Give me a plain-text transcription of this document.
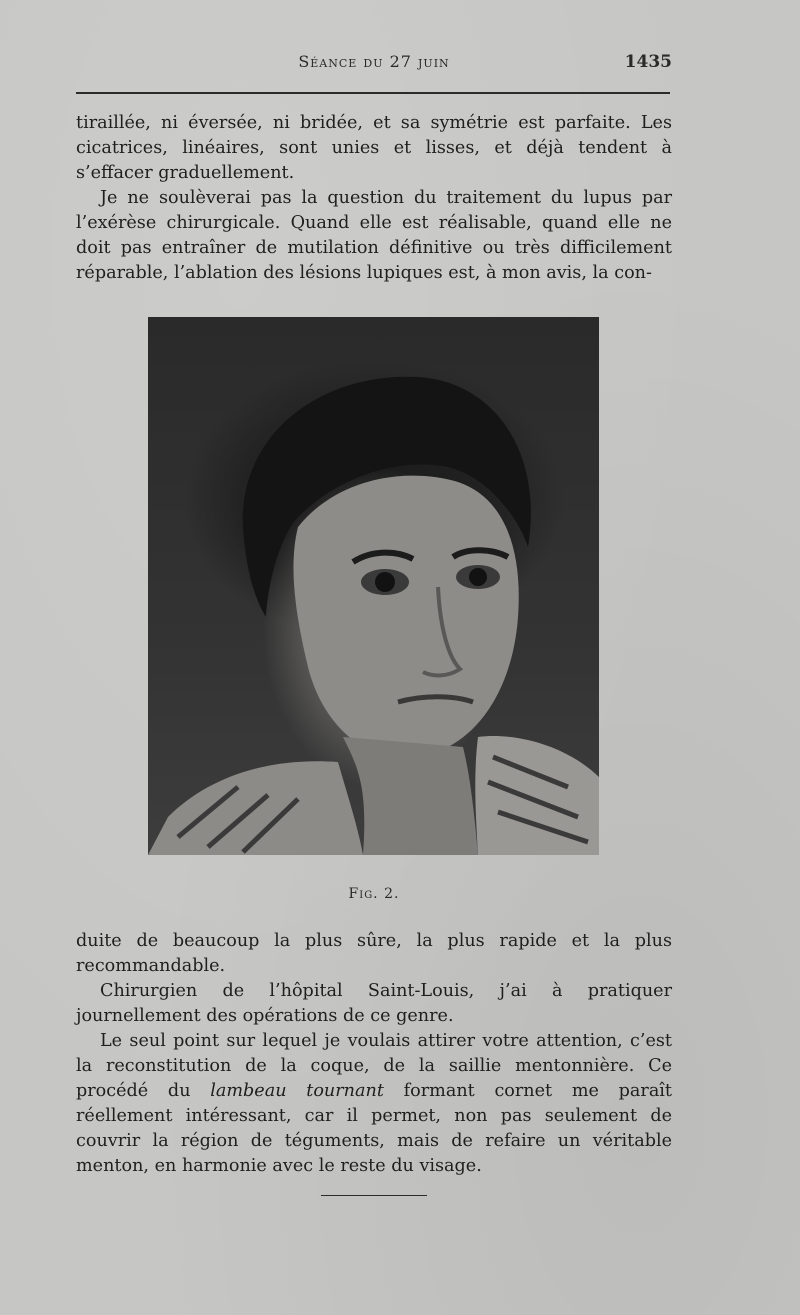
Séance du 27 juin	1435

tiraillée, ni éversée, ni bridée, et sa symétrie est parfaite. Les cicatrices, linéaires, sont unies et lisses, et déjà tendent à s’effacer graduellement.

Je ne soulèverai pas la question du traitement du lupus par l’exérèse chirurgicale. Quand elle est réalisable, quand elle ne doit pas entraîner de mutilation définitive ou très difficilement réparable, l’ablation des lésions lupiques est, à mon avis, la con-

Fig. 2.

duite de beaucoup la plus sûre, la plus rapide et la plus recommandable.

Chirurgien de l’hôpital Saint-Louis, j’ai à pratiquer journellement des opérations de ce genre.

Le seul point sur lequel je voulais attirer votre attention, c’est la reconstitution de la coque, de la saillie mentonnière. Ce procédé du lambeau tournant formant cornet me paraît réellement intéressant, car il permet, non pas seulement de couvrir la région de téguments, mais de refaire un véritable menton, en harmonie avec le reste du visage.
